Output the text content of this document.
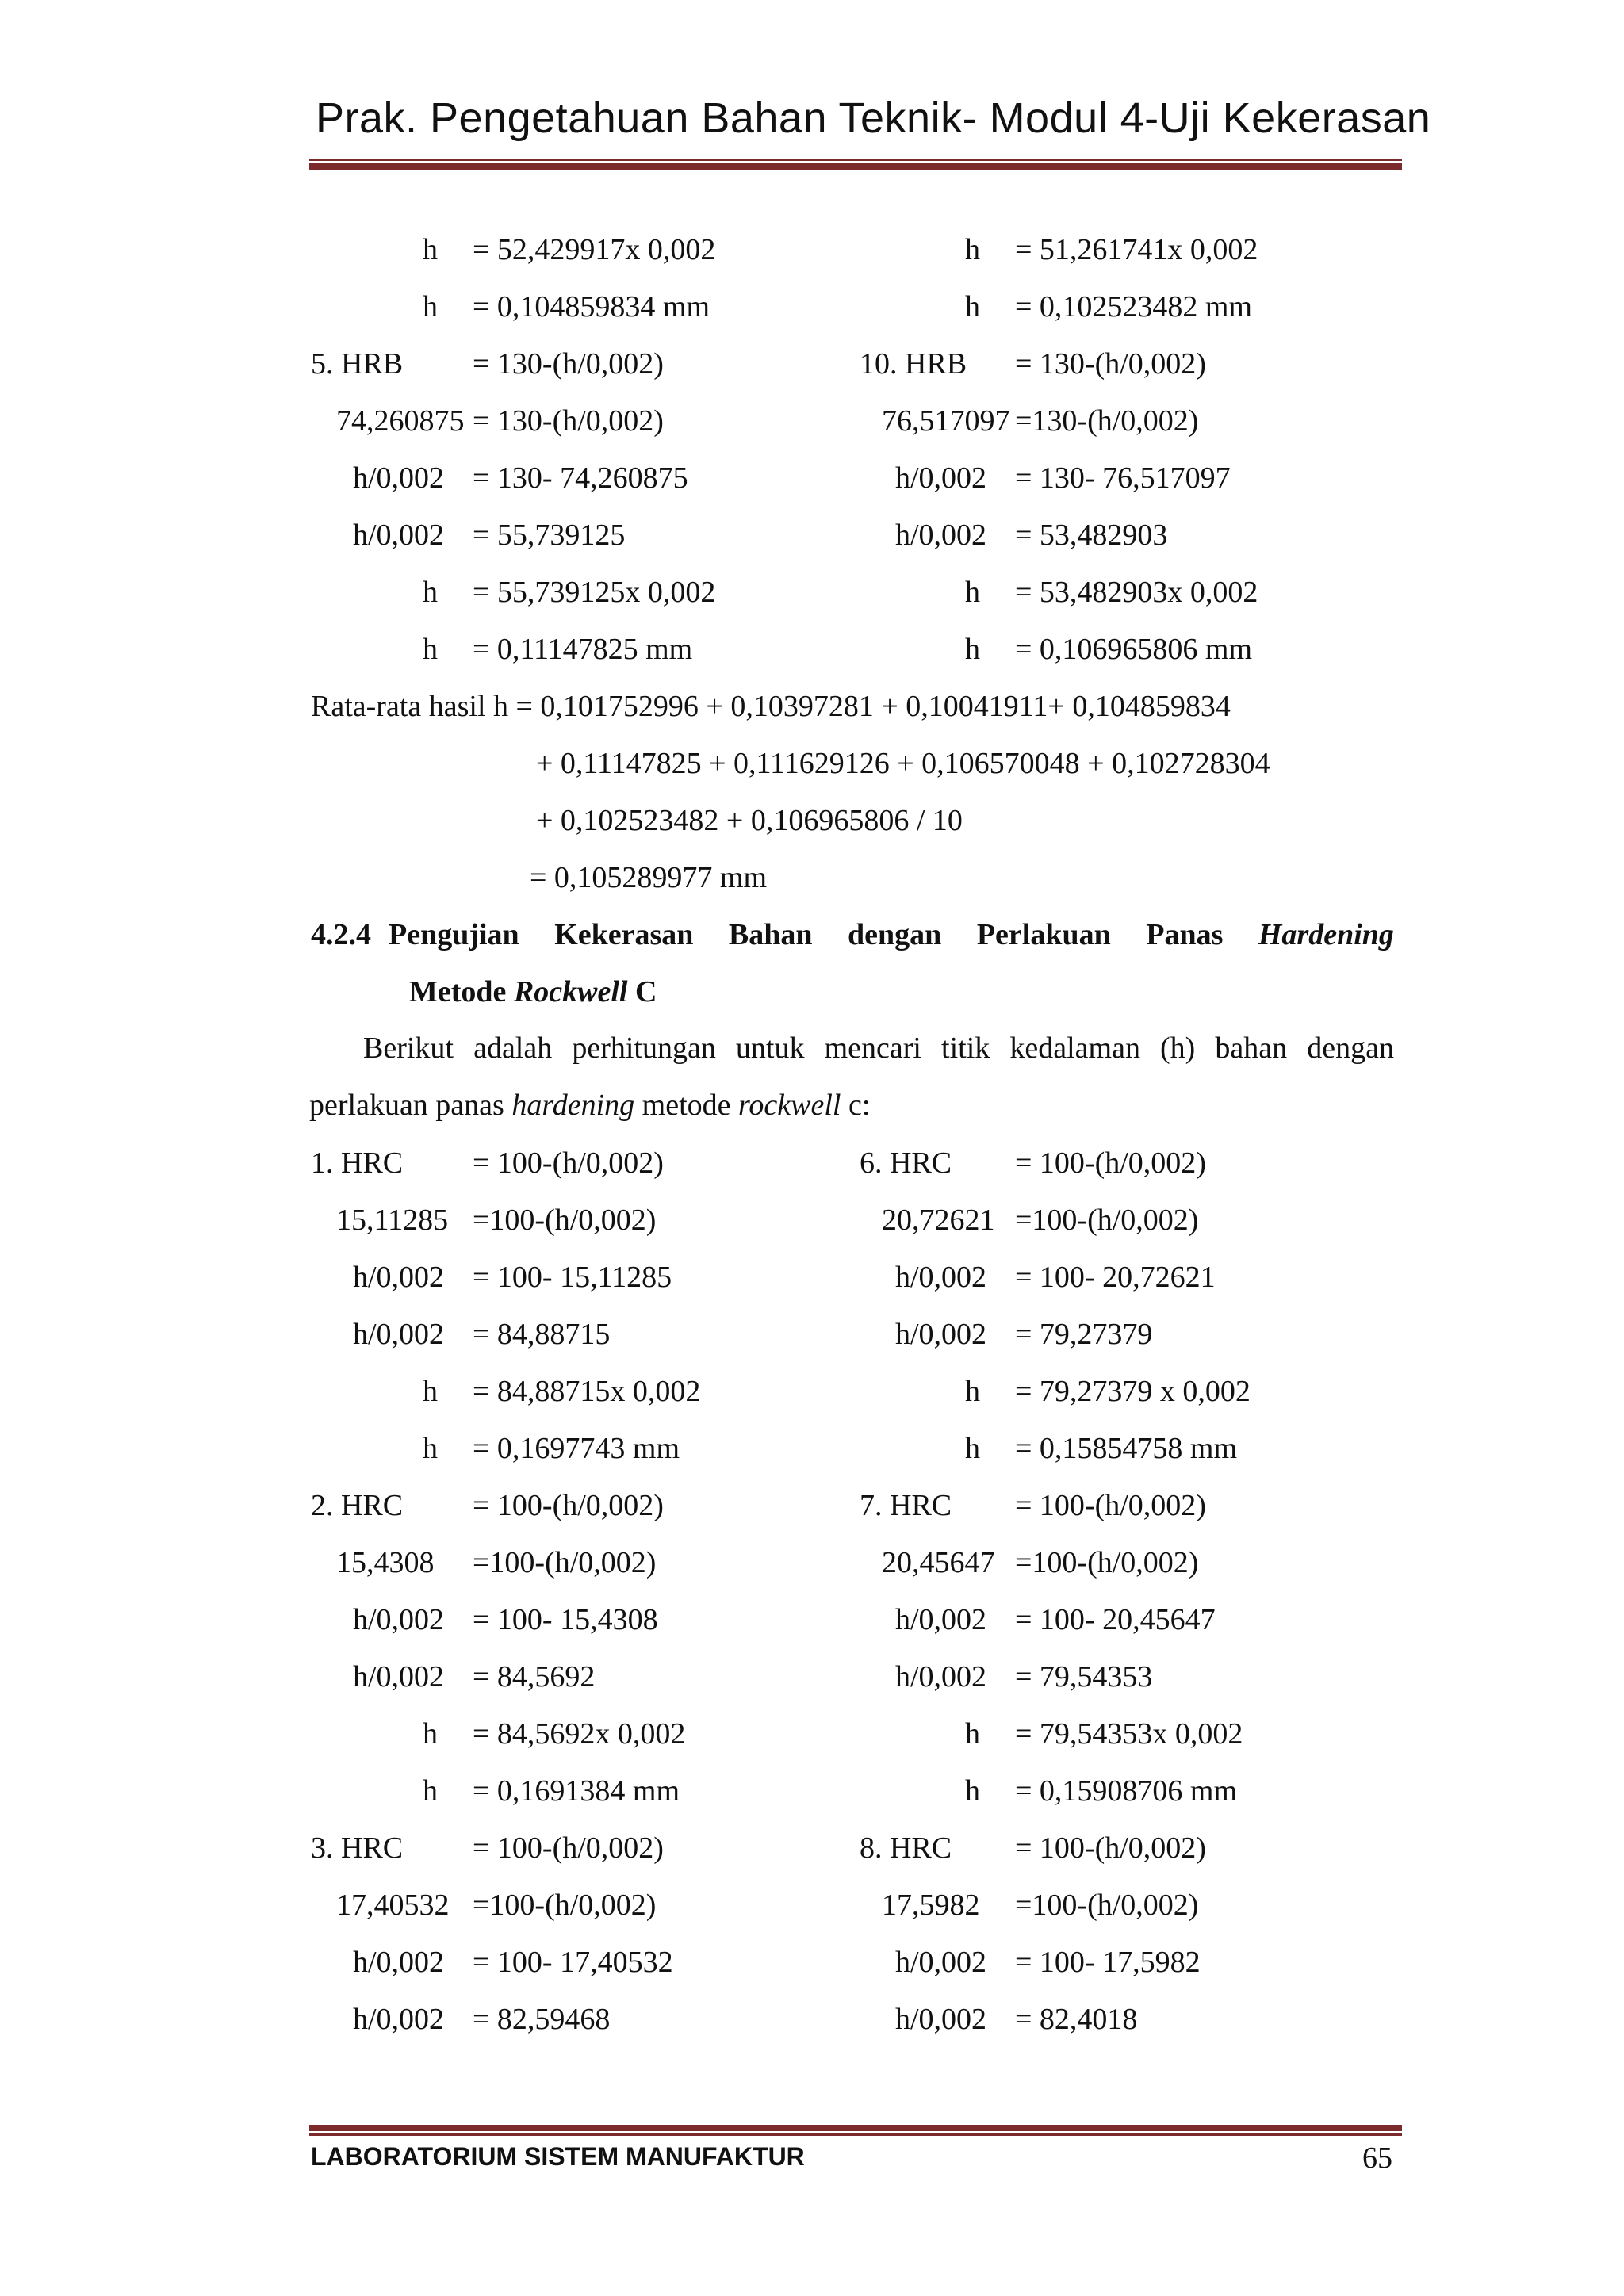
Prak. Pengetahuan Bahan Teknik- Modul 4-Uji Kekerasan
h = 52,429917x 0,002
h = 0,104859834 mm
5. HRB = 130-(h/0,002)
74,260875 = 130-(h/0,002)
h/0,002 = 130- 74,260875
h/0,002 = 55,739125
h = 55,739125x 0,002
h = 0,11147825 mm
h = 51,261741x 0,002
h = 0,102523482 mm
10. HRB = 130-(h/0,002)
76,517097 =130-(h/0,002)
h/0,002 = 130- 76,517097
h/0,002 = 53,482903
h = 53,482903x 0,002
h = 0,106965806 mm
1. HRC = 100-(h/0,002)
15,11285 =100-(h/0,002)
h/0,002 = 100- 15,11285
h/0,002 = 84,88715
h = 84,88715x 0,002
h = 0,1697743 mm
2. HRC = 100-(h/0,002)
15,4308 =100-(h/0,002)
h/0,002 = 100- 15,4308
h/0,002 = 84,5692
h = 84,5692x 0,002
h = 0,1691384 mm
3. HRC = 100-(h/0,002)
17,40532 =100-(h/0,002)
h/0,002 = 100- 17,40532
h/0,002 = 82,59468
6. HRC = 100-(h/0,002)
20,72621 =100-(h/0,002)
h/0,002 = 100- 20,72621
h/0,002 = 79,27379
h = 79,27379 x 0,002
h = 0,15854758 mm
7. HRC = 100-(h/0,002)
20,45647 =100-(h/0,002)
h/0,002 = 100- 20,45647
h/0,002 = 79,54353
h = 79,54353x 0,002
h = 0,15908706 mm
8. HRC = 100-(h/0,002)
17,5982 =100-(h/0,002)
h/0,002 = 100- 17,5982
h/0,002 = 82,4018
Rata-rata hasil h = 0,101752996 + 0,10397281 + 0,10041911+ 0,104859834
+ 0,11147825 + 0,111629126 + 0,106570048 + 0,102728304
+ 0,102523482 + 0,106965806 / 10
= 0,105289977 mm
4.2.4 Pengujian Kekerasan Bahan dengan Perlakuan Panas Hardening
Metode Rockwell C
Berikut adalah perhitungan untuk mencari titik kedalaman (h) bahan dengan perlakuan panas hardening metode rockwell c:
LABORATORIUM SISTEM MANUFAKTUR	65
